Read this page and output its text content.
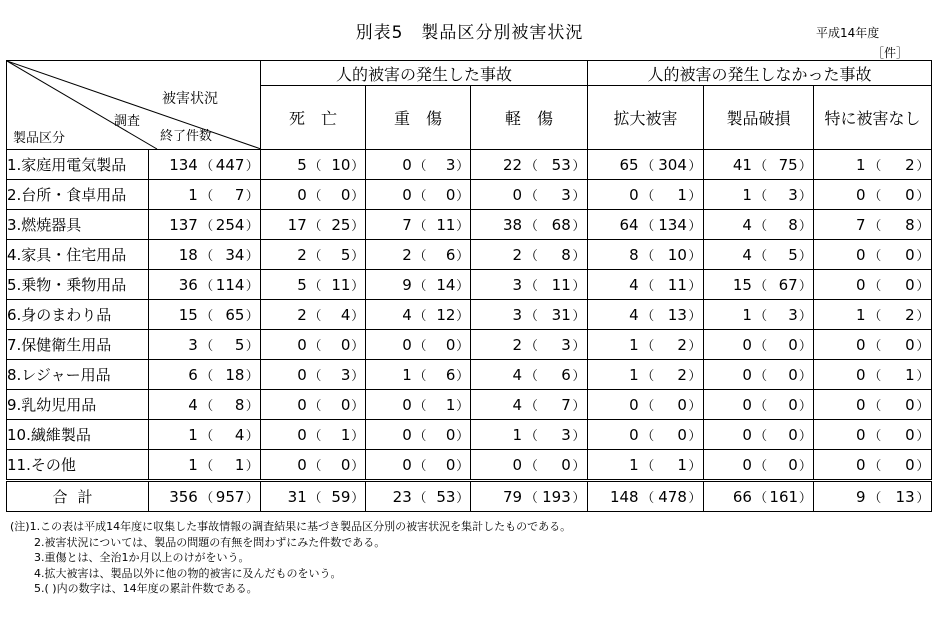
別表5　製品区分別被害状況	平成14年度
［件］
被害状況
調査
製品区分 終了件数		人的被害の発生した事故			人的被害の発生しなかった事故		
		死　亡	重　傷	軽　傷	拡大被害	製品破損	特に被害なし
1.家庭用電気製品	134 （ 447 ）	5 （ 10 ）	0 （ 3 ）	22 （ 53 ）	65 （ 304 ）	41 （ 75 ）	1 （ 2 ）

2.台所・食卓用品	1 （ 7 ）	0 （ 0 ）	0 （ 0 ）	0 （ 3 ）	0 （ 1 ）	1 （ 3 ）	0 （ 0 ）

3.燃焼器具	137 （ 254 ）	17 （ 25 ）	7 （ 11 ）	38 （ 68 ）	64 （ 134 ）	4 （ 8 ）	7 （ 8 ）

4.家具・住宅用品	18 （ 34 ）	2 （ 5 ）	2 （ 6 ）	2 （ 8 ）	8 （ 10 ）	4 （ 5 ）	0 （ 0 ）

5.乗物・乗物用品	36 （ 114 ）	5 （ 11 ）	9 （ 14 ）	3 （ 11 ）	4 （ 11 ）	15 （ 67 ）	0 （ 0 ）

6.身のまわり品	15 （ 65 ）	2 （ 4 ）	4 （ 12 ）	3 （ 31 ）	4 （ 13 ）	1 （ 3 ）	1 （ 2 ）

7.保健衛生用品	3 （ 5 ）	0 （ 0 ）	0 （ 0 ）	2 （ 3 ）	1 （ 2 ）	0 （ 0 ）	0 （ 0 ）

8.レジャー用品	6 （ 18 ）	0 （ 3 ）	1 （ 6 ）	4 （ 6 ）	1 （ 2 ）	0 （ 0 ）	0 （ 1 ）

9.乳幼児用品	4 （ 8 ）	0 （ 0 ）	0 （ 1 ）	4 （ 7 ）	0 （ 0 ）	0 （ 0 ）	0 （ 0 ）

10.繊維製品	1 （ 4 ）	0 （ 1 ）	0 （ 0 ）	1 （ 3 ）	0 （ 0 ）	0 （ 0 ）	0 （ 0 ）

11.その他	1 （ 1 ）	0 （ 0 ）	0 （ 0 ）	0 （ 0 ）	1 （ 1 ）	0 （ 0 ）	0 （ 0 ）

合計	356 （ 957 ）	31 （ 59 ）	23 （ 53 ）	79 （ 193 ）	148 （ 478 ）	66 （ 161 ）	9 （ 13 ）
(注)1.この表は平成14年度に収集した事故情報の調査結果に基づき製品区分別の被害状況を集計したものである。
2.被害状況については、製品の問題の有無を問わずにみた件数である。
3.重傷とは、全治1か月以上のけがをいう。
4.拡大被害は、製品以外に他の物的被害に及んだものをいう。
5.( )内の数字は、14年度の累計件数である。
